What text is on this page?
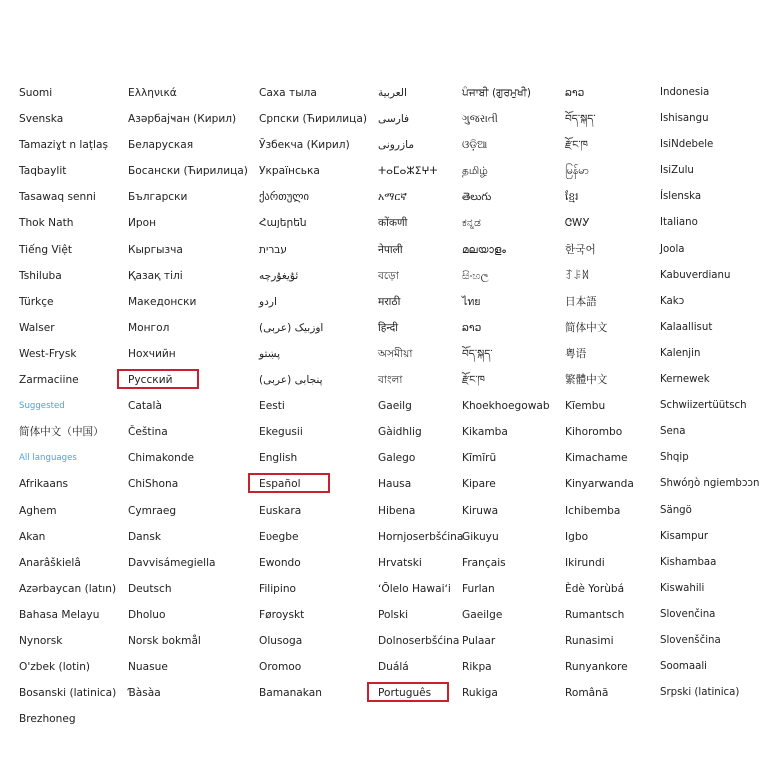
Suomi
Svenska
Tamaziɣt n laṭlaṣ
Taqbaylit
Tasawaq senni
Thok Nath
Tiếng Việt
Tshiluba
Türkçe
Walser
West-Frysk
Zarmaciine
Suggested
简体中文（中国）
All languages
Afrikaans
Aghem
Akan
Anarâškielâ
Azərbaycan (latın)
Bahasa Melayu
Nynorsk
O'zbek (lotin)
Bosanski (latinica)
Brezhoneg
Ελληνικά
Азәрбајҹан (Кирил)
Беларуская
Босански (Ћирилица)
Български
Ирон
Кыргызча
Қазақ тілі
Македонски
Монгол
Нохчийн
Русский
Català
Čeština
Chimakonde
ChiShona
Cymraeg
Dansk
Davvisámegiella
Deutsch
Dholuo
Norsk bokmål
Nuasue
Ɓàsàa
Саха тыла
Српски (Ћирилица)
Ўзбекча (Кирил)
Українська
ქართული
Հայերեն
עברית
ئۇيغۇرچە
اردو
اوزبیک (عربی)
پښتو
پنجابی (عربی)
Eesti
Ekegusii
English
Español
Euskara
Eʋegbe
Ewondo
Filipino
Føroyskt
Olusoga
Oromoo
Bamanakan
العربية
فارسی
مازرونی
ⵜⴰⵎⴰⵣⵉⵖⵜ
አማርኛ
कोंकणी
नेपाली
বড়ো
मराठी
हिन्दी
অসমীয়া
বাংলা
Gaeilg
Gàidhlig
Galego
Hausa
Hibena
Hornjoserbšćina
Hrvatski
ʻŌlelo Hawaiʻi
Polski
Dolnoserbšćina
Duálá
Português
ਪੰਜਾਬੀ (ਗੁਰਮੁਖੀ)
ગુજરાતી
ଓଡ଼ିଆ
தமிழ்
తెలుగు
ಕನ್ನಡ
മലയാളം
සිංහල
ไทย
ລາວ
བོད་སྐད་
རྫོང་ཁ
Khoekhoegowab
Kikamba
Kĩmĩrũ
Kipare
Kiruwa
Gikuyu
Français
Furlan
Gaeilge
Pulaar
Rikpa
Rukiga
ລາວ
བོད་སྐད་
རྫོང་ཁ
မြန်မာ
ខ្មែរ
ᏣᎳᎩ
한국어
ꆈꌠꉙ
日本語
简体中文
粤语
繁體中文
Kĩembu
Kihorombo
Kimachame
Kinyarwanda
Ichibemba
Igbo
Ikirundi
Èdè Yorùbá
Rumantsch
Runasimi
Runyankore
Română
Indonesia
Ishisangu
IsiNdebele
IsiZulu
Íslenska
Italiano
Joola
Kabuverdianu
Kakɔ
Kalaallisut
Kalenjin
Kernewek
Schwiizertüütsch
Sena
Shqip
Shwóŋò ngiembɔɔn
Sängö
Kisampur
Kishambaa
Kiswahili
Slovenčina
Slovenščina
Soomaali
Srpski (latinica)
